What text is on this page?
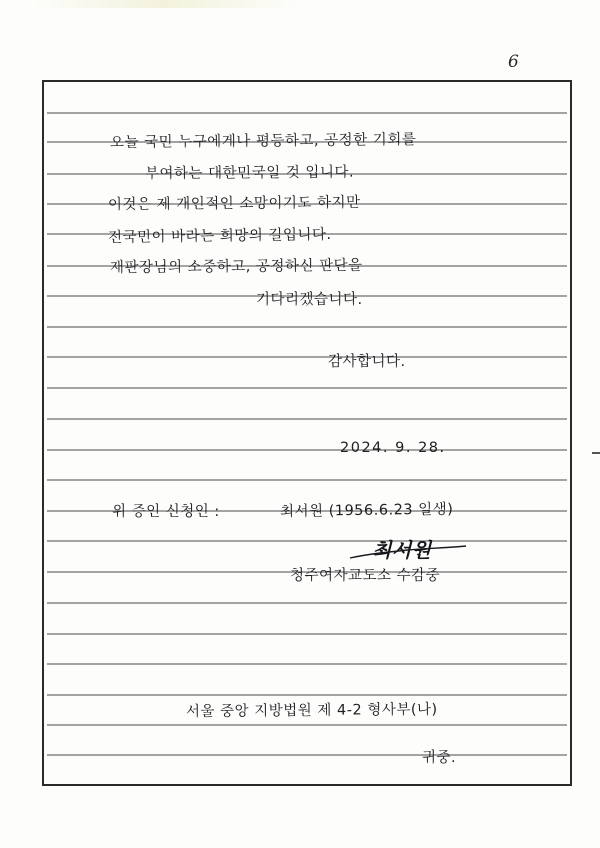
6
오늘 국민 누구에게나 평등하고, 공정한 기회를
부여하는 대한민국일 것 입니다.
이것은 제 개인적인 소망이기도 하지만
전국민이 바라는 희망의 길입니다.
재판장님의 소중하고, 공정하신 판단을
기다리겠습니다.
감사합니다.
2024. 9. 28.
위 증인 신청인 :	최서원 (1956.6.23 일생)
최서원
청주여자교도소 수감중
서울 중앙 지방법원 제 4-2 형사부(나)
귀중.
